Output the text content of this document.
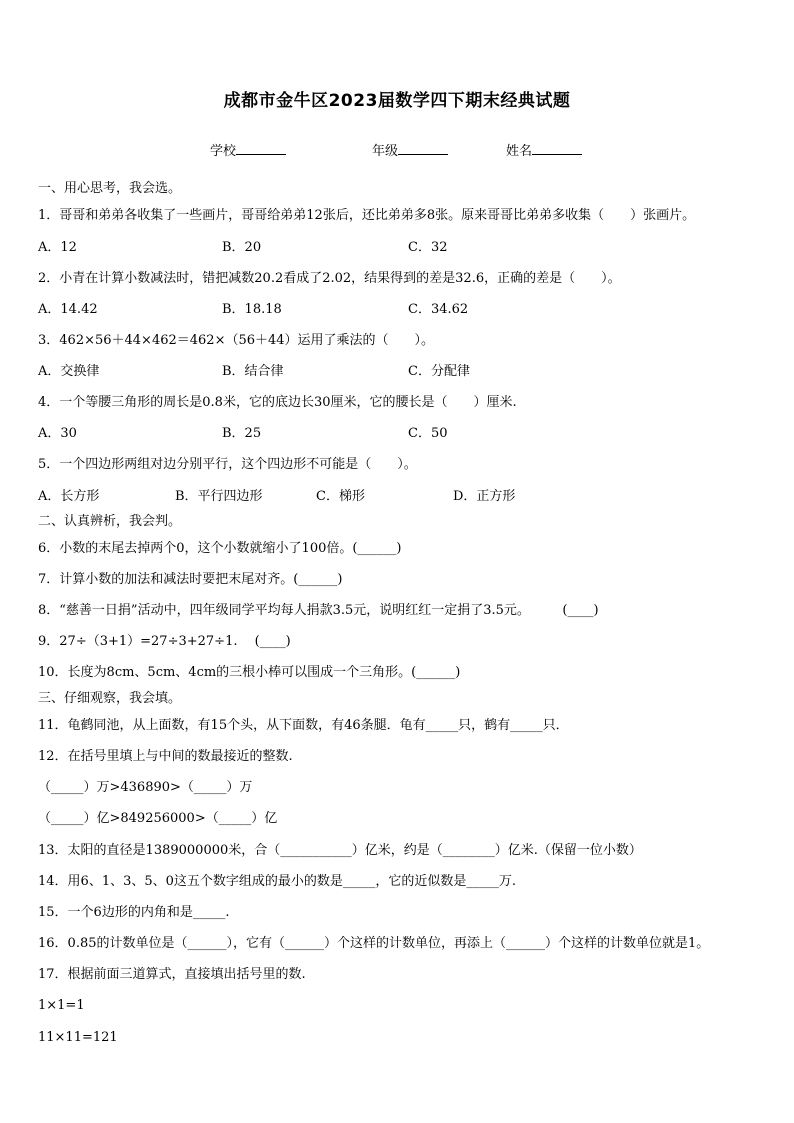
成都市金牛区2023届数学四下期末经典试题
学校	年级	姓名
一、用心思考，我会选。
1．哥哥和弟弟各收集了一些画片，哥哥给弟弟12张后，还比弟弟多8张。原来哥哥比弟弟多收集（　　）张画片。
A．12	B．20	C．32
2．小青在计算小数减法时，错把减数20.2看成了2.02，结果得到的差是32.6，正确的差是（　　）。
A．14.42	B．18.18	C．34.62
3．462×56＋44×462＝462×（56＋44）运用了乘法的（　　）。
A．交换律	B．结合律	C．分配律
4．一个等腰三角形的周长是0.8米，它的底边长30厘米，它的腰长是（　　）厘米.
A．30	B．25	C．50
5．一个四边形两组对边分别平行，这个四边形不可能是（　　）。
A．长方形	B．平行四边形	C．梯形	D．正方形
二、认真辨析，我会判。
6．小数的末尾去掉两个0，这个小数就缩小了100倍。(______)
7．计算小数的加法和减法时要把末尾对齐。(______)
8．“慈善一日捐”活动中，四年级同学平均每人捐款3.5元，说明红红一定捐了3.5元。　　　(____)
9．27÷（3+1）=27÷3+27÷1.　 (____)
10．长度为8cm、5cm、4cm的三根小棒可以围成一个三角形。(______)
三、仔细观察，我会填。
11．龟鹤同池，从上面数，有15个头，从下面数，有46条腿．龟有_____只，鹤有_____只．
12．在括号里填上与中间的数最接近的整数.
（_____）万>436890>（_____）万
（_____）亿>849256000>（_____）亿
13．太阳的直径是1389000000米，合（___________）亿米，约是（________）亿米.（保留一位小数）
14．用6、1、3、5、0这五个数字组成的最小的数是_____，它的近似数是_____万.
15．一个6边形的内角和是_____.
16．0.85的计数单位是（______），它有（______）个这样的计数单位，再添上（______）个这样的计数单位就是1。
17．根据前面三道算式，直接填出括号里的数.
1×1=1
11×11=121
